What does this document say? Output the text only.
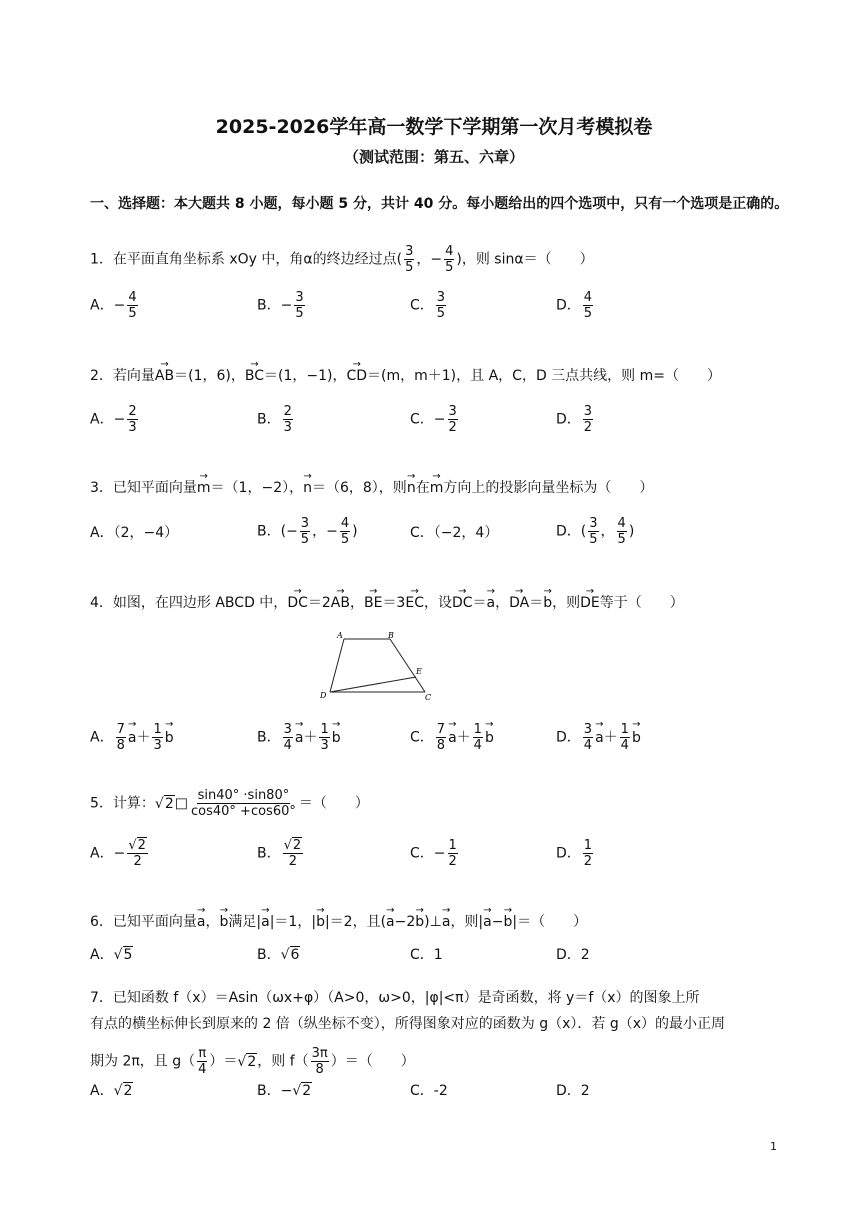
2025-2026学年高一数学下学期第一次月考模拟卷
（测试范围：第五、六章）
一、选择题：本大题共 8 小题，每小题 5 分，共计 40 分。每小题给出的四个选项中，只有一个选项是正确的。
1．在平面直角坐标系 xOy 中，角α的终边经过点( $\frac{3}{5}$ ，− $\frac{4}{5}$ )，则 sinα＝（　　）
A．− $\frac{4}{5}$	B．− $\frac{3}{5}$	C． $\frac{3}{5}$	D． $\frac{4}{5}$
2．若向量→ AB＝(1，6)，→ BC＝(1，−1)，→ CD＝(m，m＋1)，且 A，C，D 三点共线，则 m=（　　）
A．− $\frac{2}{3}$	B． $\frac{2}{3}$	C．− $\frac{3}{2}$	D． $\frac{3}{2}$
3．已知平面向量→ m＝（1，−2），→ n＝（6，8），则→ n在→ m方向上的投影向量坐标为（　　）
A．（2，−4）	B．(− $\frac{3}{5}$ ，− $\frac{4}{5}$ )	C．（−2，4）	D．( $\frac{3}{5}$ ， $\frac{4}{5}$ )
4．如图，在四边形 ABCD 中，→ DC＝2→ AB，→ BE＝3→ EC，设→ DC＝→ a，→ DA＝→ b，则→ DE等于（　　）
A	B
C
D
E
A． $\frac{7}{8}$
→ $a+ \frac{1}{3}$
→ b	B． $\frac{3}{4}$
→ $a+ \frac{1}{3}$
→ b	C． $\frac{7}{8}$
→ $a+ \frac{1}{4}$
→ b	D． $\frac{3}{4}$
→ $a+ \frac{1}{4}$
→ b
5．计算：√2□ $\frac{\sin 40^\circ \cdot\sin 80^\circ}{\cos 40^\circ +\cos 60^\circ}$ ＝（　　）
A．− $\frac{√2}{2}$	B． $\frac{√2}{2}$	C．− $\frac{1}{2}$	D． $\frac{1}{2}$
6．已知平面向量→ a，→ b满足|→ a|＝1，|→ b|＝2，且(→ a−2→ b)⊥→ a，则|→ a−→ b|＝（　　）
A．√5	B．√6	C．1	D．2
7．已知函数 f（x）＝Asin（ωx+φ）（A>0，ω>0，|φ|<π）是奇函数，将 y＝f（x）的图象上所
有点的横坐标伸长到原来的 2 倍（纵坐标不变），所得图象对应的函数为 g（x）．若 g（x）的最小正周
期为 2π，且 $g( \frac{\pi}{4} )=√2$，则 $f( \frac{3\pi}{8}$ ）＝（　　）
A．√2	B．−√2	C．-2	D．2
1
